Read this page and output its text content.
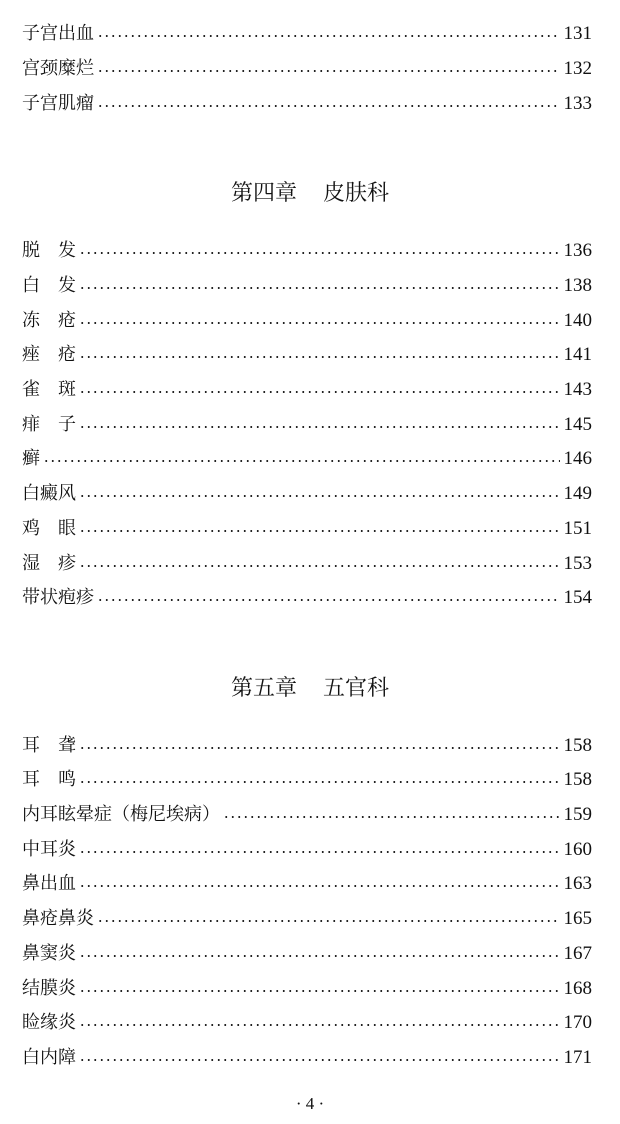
子宫出血	131
宫颈糜烂	132
子宫肌瘤	133
第四章 皮肤科
脱　发	136
白　发	138
冻　疮	140
痤　疮	141
雀　斑	143
痱　子	145
癣	146
白癜风	149
鸡　眼	151
湿　疹	153
带状疱疹	154
第五章 五官科
耳　聋	158
耳　鸣	158
内耳眩晕症（梅尼埃病）	159
中耳炎	160
鼻出血	163
鼻疮鼻炎	165
鼻窦炎	167
结膜炎	168
睑缘炎	170
白内障	171
· 4 ·
